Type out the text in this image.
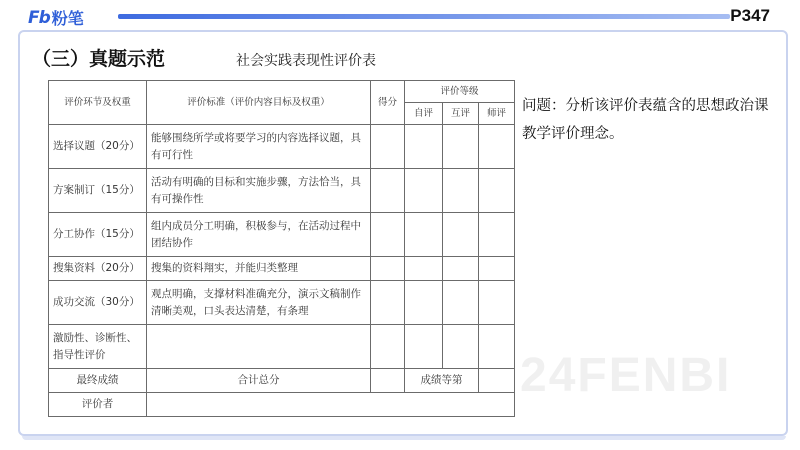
Fb 粉笔	P347
（三）真题示范	社会实践表现性评价表
24FENBI
评价环节及权重	评价标准（评价内容目标及权重）	得分	评价等级		
			自评	互评	师评
选择议题（20分）	能够围绕所学或将要学习的内容选择议题，具有可行性				
方案制订（15分）	活动有明确的目标和实施步骤，方法恰当，具有可操作性				
分工协作（15分）	组内成员分工明确，积极参与，在活动过程中团结协作				
搜集资料（20分）	搜集的资料翔实，并能归类整理				
成功交流（30分）	观点明确，支撑材料准确充分，演示文稿制作清晰美观，口头表达清楚，有条理				
激励性、诊断性、指导性评价					
最终成绩	合计总分		成绩等第		
评价者					
问题：分析该评价表蕴含的思想政治课教学评价理念。
